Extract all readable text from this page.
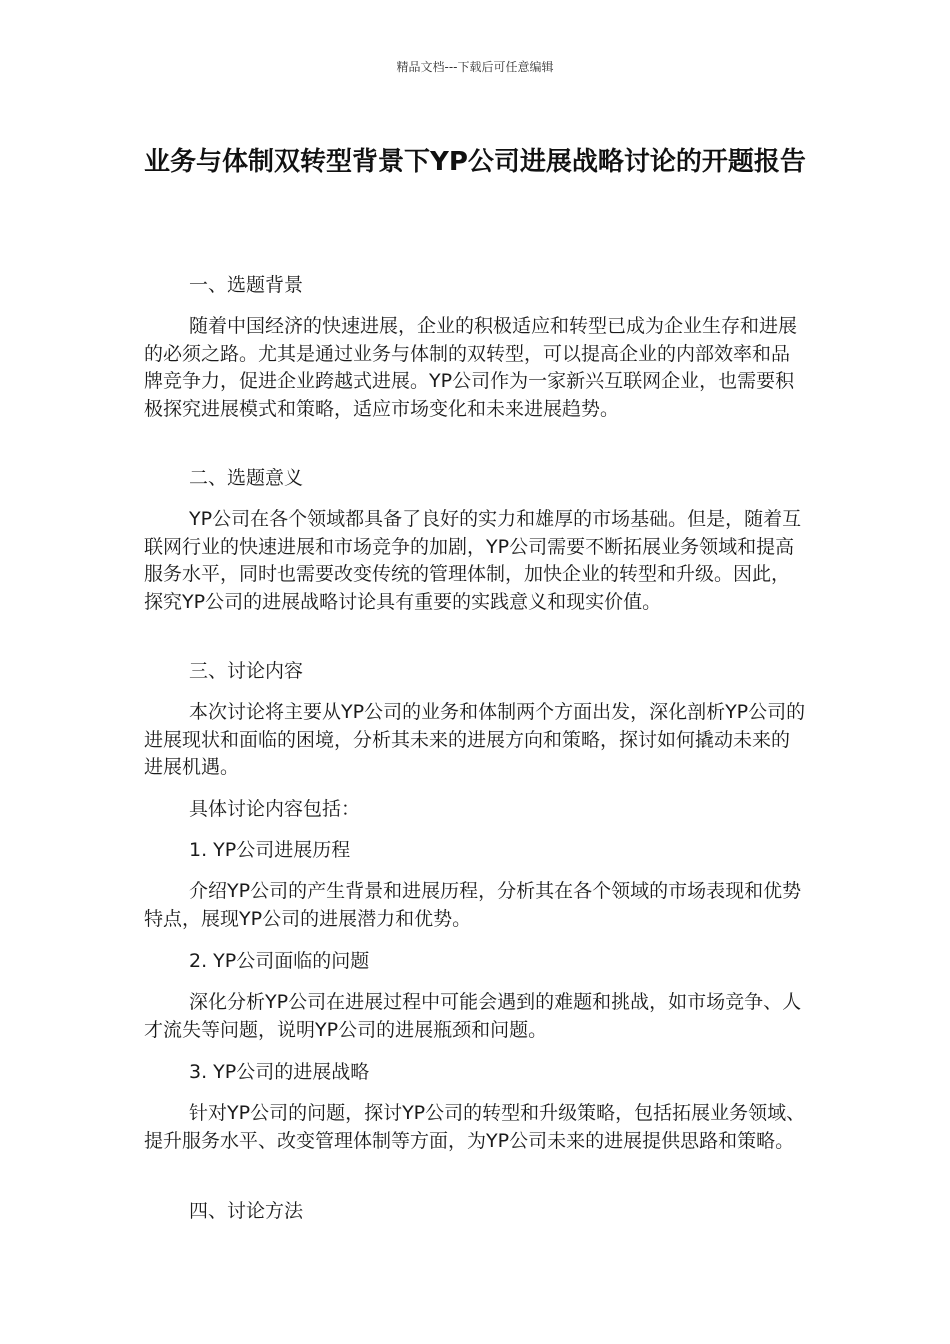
精品文档---下载后可任意编辑
业务与体制双转型背景下YP公司进展战略讨论的开题报告
一、选题背景
随着中国经济的快速进展，企业的积极适应和转型已成为企业生存和进展的必须之路。尤其是通过业务与体制的双转型，可以提高企业的内部效率和品牌竞争力，促进企业跨越式进展。YP公司作为一家新兴互联网企业，也需要积极探究进展模式和策略，适应市场变化和未来进展趋势。
二、选题意义
YP公司在各个领域都具备了良好的实力和雄厚的市场基础。但是，随着互联网行业的快速进展和市场竞争的加剧，YP公司需要不断拓展业务领域和提高服务水平，同时也需要改变传统的管理体制，加快企业的转型和升级。因此，探究YP公司的进展战略讨论具有重要的实践意义和现实价值。
三、讨论内容
本次讨论将主要从YP公司的业务和体制两个方面出发，深化剖析YP公司的进展现状和面临的困境，分析其未来的进展方向和策略，探讨如何撬动未来的进展机遇。
具体讨论内容包括：
1. YP公司进展历程
介绍YP公司的产生背景和进展历程，分析其在各个领域的市场表现和优势特点，展现YP公司的进展潜力和优势。
2. YP公司面临的问题
深化分析YP公司在进展过程中可能会遇到的难题和挑战，如市场竞争、人才流失等问题，说明YP公司的进展瓶颈和问题。
3. YP公司的进展战略
针对YP公司的问题，探讨YP公司的转型和升级策略，包括拓展业务领域、提升服务水平、改变管理体制等方面，为YP公司未来的进展提供思路和策略。
四、讨论方法
